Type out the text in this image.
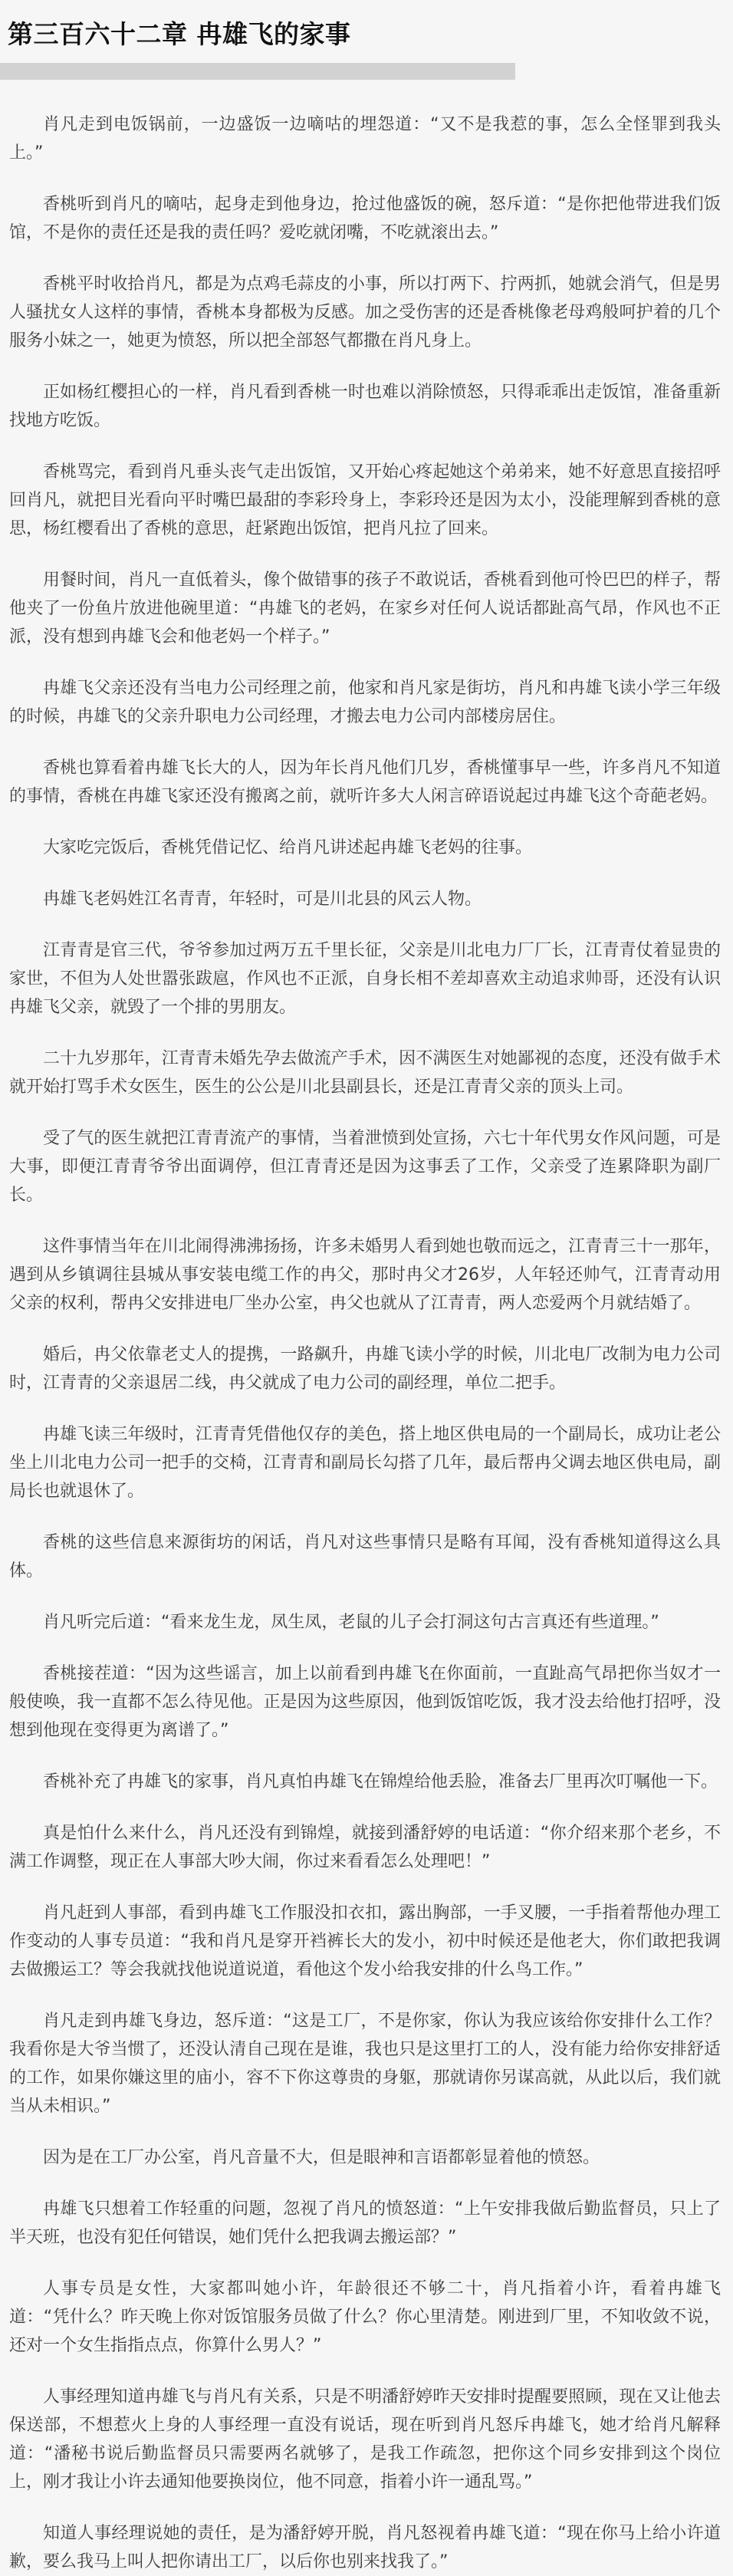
第三百六十二章 冉雄飞的家事

肖凡走到电饭锅前，一边盛饭一边嘀咕的埋怨道：“又不是我惹的事，怎么全怪罪到我头上。”

香桃听到肖凡的嘀咕，起身走到他身边，抢过他盛饭的碗，怒斥道：“是你把他带进我们饭馆，不是你的责任还是我的责任吗？爱吃就闭嘴，不吃就滚出去。”

香桃平时收拾肖凡，都是为点鸡毛蒜皮的小事，所以打两下、拧两抓，她就会消气，但是男人骚扰女人这样的事情，香桃本身都极为反感。加之受伤害的还是香桃像老母鸡般呵护着的几个服务小妹之一，她更为愤怒，所以把全部怒气都撒在肖凡身上。

正如杨红樱担心的一样，肖凡看到香桃一时也难以消除愤怒，只得乖乖出走饭馆，准备重新找地方吃饭。

香桃骂完，看到肖凡垂头丧气走出饭馆，又开始心疼起她这个弟弟来，她不好意思直接招呼回肖凡，就把目光看向平时嘴巴最甜的李彩玲身上，李彩玲还是因为太小，没能理解到香桃的意思，杨红樱看出了香桃的意思，赶紧跑出饭馆，把肖凡拉了回来。

用餐时间，肖凡一直低着头，像个做错事的孩子不敢说话，香桃看到他可怜巴巴的样子，帮他夹了一份鱼片放进他碗里道：“冉雄飞的老妈，在家乡对任何人说话都趾高气昂，作风也不正派，没有想到冉雄飞会和他老妈一个样子。”

冉雄飞父亲还没有当电力公司经理之前，他家和肖凡家是街坊，肖凡和冉雄飞读小学三年级的时候，冉雄飞的父亲升职电力公司经理，才搬去电力公司内部楼房居住。

香桃也算看着冉雄飞长大的人，因为年长肖凡他们几岁，香桃懂事早一些，许多肖凡不知道的事情，香桃在冉雄飞家还没有搬离之前，就听许多大人闲言碎语说起过冉雄飞这个奇葩老妈。

大家吃完饭后，香桃凭借记忆、给肖凡讲述起冉雄飞老妈的往事。

冉雄飞老妈姓江名青青，年轻时，可是川北县的风云人物。

江青青是官三代，爷爷参加过两万五千里长征，父亲是川北电力厂厂长，江青青仗着显贵的家世，不但为人处世嚣张跋扈，作风也不正派，自身长相不差却喜欢主动追求帅哥，还没有认识冉雄飞父亲，就毁了一个排的男朋友。

二十九岁那年，江青青未婚先孕去做流产手术，因不满医生对她鄙视的态度，还没有做手术就开始打骂手术女医生，医生的公公是川北县副县长，还是江青青父亲的顶头上司。

受了气的医生就把江青青流产的事情，当着泄愤到处宣扬，六七十年代男女作风问题，可是大事，即便江青青爷爷出面调停，但江青青还是因为这事丢了工作，父亲受了连累降职为副厂长。

这件事情当年在川北闹得沸沸扬扬，许多未婚男人看到她也敬而远之，江青青三十一那年，遇到从乡镇调往县城从事安装电缆工作的冉父，那时冉父才26岁，人年轻还帅气，江青青动用父亲的权利，帮冉父安排进电厂坐办公室，冉父也就从了江青青，两人恋爱两个月就结婚了。

婚后，冉父依靠老丈人的提携，一路飙升，冉雄飞读小学的时候，川北电厂改制为电力公司时，江青青的父亲退居二线，冉父就成了电力公司的副经理，单位二把手。

冉雄飞读三年级时，江青青凭借他仅存的美色，搭上地区供电局的一个副局长，成功让老公坐上川北电力公司一把手的交椅，江青青和副局长勾搭了几年，最后帮冉父调去地区供电局，副局长也就退休了。

香桃的这些信息来源街坊的闲话，肖凡对这些事情只是略有耳闻，没有香桃知道得这么具体。

肖凡听完后道：“看来龙生龙，凤生凤，老鼠的儿子会打洞这句古言真还有些道理。”

香桃接茬道：“因为这些谣言，加上以前看到冉雄飞在你面前，一直趾高气昂把你当奴才一般使唤，我一直都不怎么待见他。正是因为这些原因，他到饭馆吃饭，我才没去给他打招呼，没想到他现在变得更为离谱了。”

香桃补充了冉雄飞的家事，肖凡真怕冉雄飞在锦煌给他丢脸，准备去厂里再次叮嘱他一下。

真是怕什么来什么，肖凡还没有到锦煌，就接到潘舒婷的电话道：“你介绍来那个老乡，不满工作调整，现正在人事部大吵大闹，你过来看看怎么处理吧！”

肖凡赶到人事部，看到冉雄飞工作服没扣衣扣，露出胸部，一手叉腰，一手指着帮他办理工作变动的人事专员道：“我和肖凡是穿开裆裤长大的发小，初中时候还是他老大，你们敢把我调去做搬运工？等会我就找他说道说道，看他这个发小给我安排的什么鸟工作。”

肖凡走到冉雄飞身边，怒斥道：“这是工厂，不是你家，你认为我应该给你安排什么工作？我看你是大爷当惯了，还没认清自己现在是谁，我也只是这里打工的人，没有能力给你安排舒适的工作，如果你嫌这里的庙小，容不下你这尊贵的身躯，那就请你另谋高就，从此以后，我们就当从未相识。”

因为是在工厂办公室，肖凡音量不大，但是眼神和言语都彰显着他的愤怒。

冉雄飞只想着工作轻重的问题，忽视了肖凡的愤怒道：“上午安排我做后勤监督员，只上了半天班，也没有犯任何错误，她们凭什么把我调去搬运部？”

人事专员是女性，大家都叫她小许，年龄很还不够二十，肖凡指着小许，看着冉雄飞道：“凭什么？昨天晚上你对饭馆服务员做了什么？你心里清楚。刚进到厂里，不知收敛不说，还对一个女生指指点点，你算什么男人？”

人事经理知道冉雄飞与肖凡有关系，只是不明潘舒婷昨天安排时提醒要照顾，现在又让他去保送部，不想惹火上身的人事经理一直没有说话，现在听到肖凡怒斥冉雄飞，她才给肖凡解释道：“潘秘书说后勤监督员只需要两名就够了，是我工作疏忽，把你这个同乡安排到这个岗位上，刚才我让小许去通知他要换岗位，他不同意，指着小许一通乱骂。”

知道人事经理说她的责任，是为潘舒婷开脱，肖凡怒视着冉雄飞道：“现在你马上给小许道歉，要么我马上叫人把你请出工厂，以后你也别来找我了。”
